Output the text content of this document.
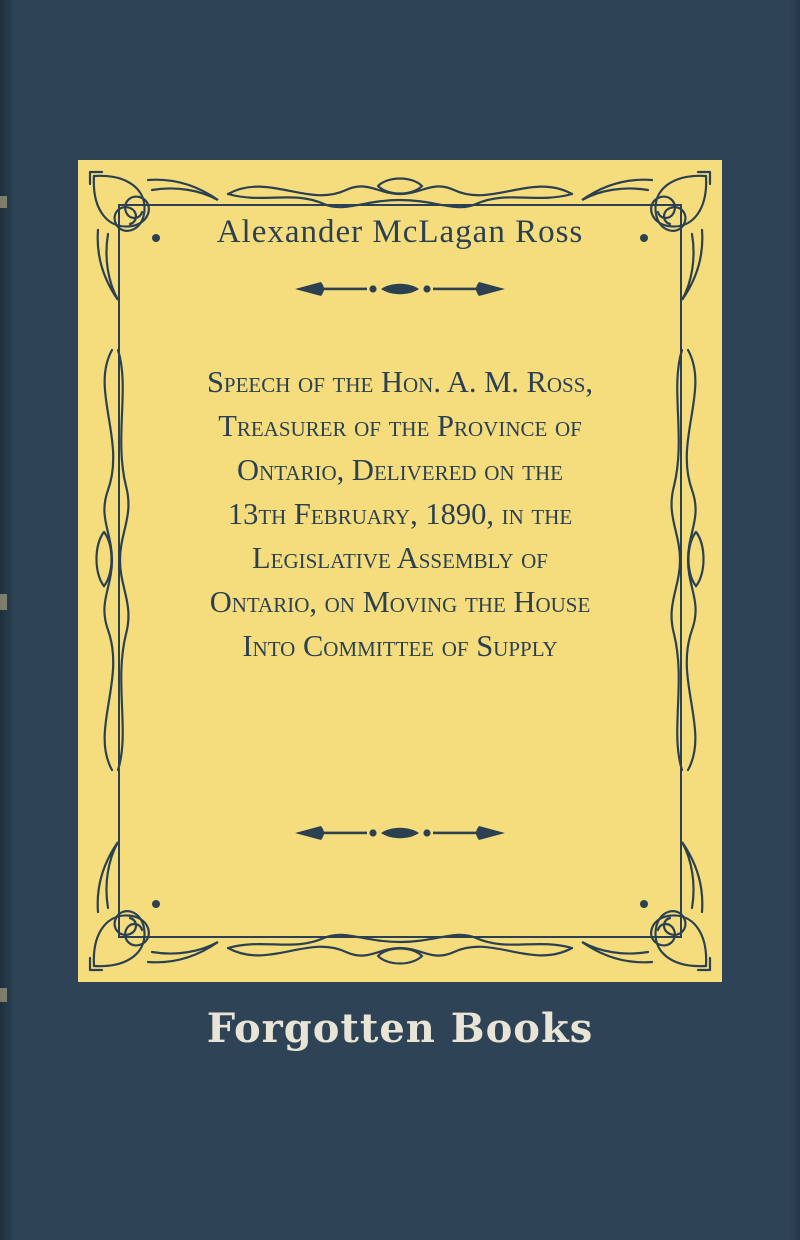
Alexander McLagan Ross
Speech of the Hon. A. M. Ross,
Treasurer of the Province of
Ontario, Delivered on the
13th February, 1890, in the
Legislative Assembly of
Ontario, on Moving the House
Into Committee of Supply
Forgotten Books
